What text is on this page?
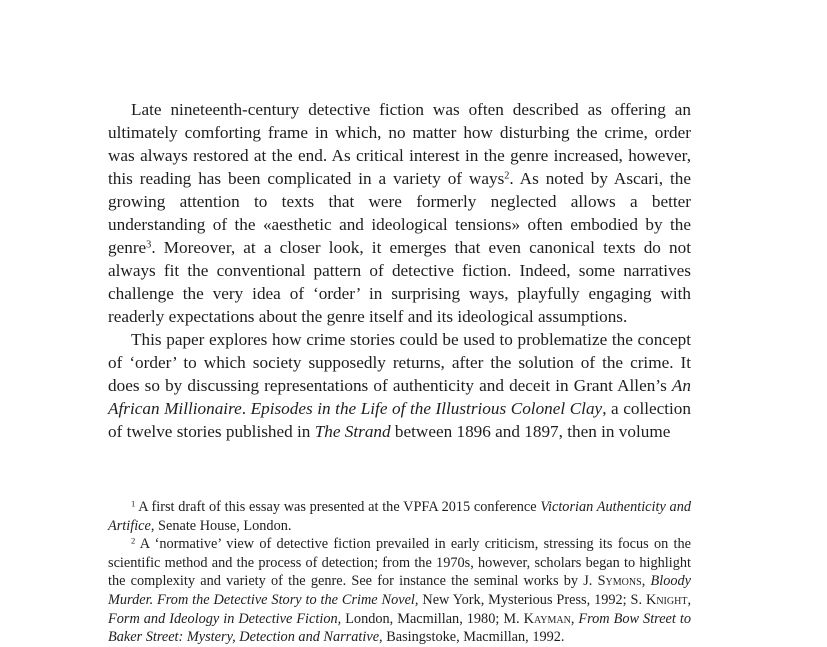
Late nineteenth-century detective fiction was often described as offering an ultimately comforting frame in which, no matter how disturbing the crime, order was always restored at the end. As critical interest in the genre increased, however, this reading has been complicated in a variety of ways$^2$. As noted by Ascari, the growing attention to texts that were formerly neglected allows a better understanding of the «aesthetic and ideological tensions» often embodied by the genre$^3$. Moreover, at a closer look, it emerges that even canonical texts do not always fit the conventional pattern of detective fiction. Indeed, some narratives challenge the very idea of ‘order’ in surprising ways, playfully engaging with readerly expectations about the genre itself and its ideological assumptions.

This paper explores how crime stories could be used to problematize the concept of ‘order’ to which society supposedly returns, after the solution of the crime. It does so by discussing representations of authenticity and deceit in Grant Allen’s An African Millionaire. Episodes in the Life of the Illustrious Colonel Clay, a collection of twelve stories published in The Strand between 1896 and 1897, then in volume

$^1$ A first draft of this essay was presented at the VPFA 2015 conference Victorian Authenticity and Artifice, Senate House, London.

$^2$ A ‘normative’ view of detective fiction prevailed in early criticism, stressing its focus on the scientific method and the process of detection; from the 1970s, however, scholars began to highlight the complexity and variety of the genre. See for instance the seminal works by J. Symons, Bloody Murder. From the Detective Story to the Crime Novel, New York, Mysterious Press, 1992; S. Knight, Form and Ideology in Detective Fiction, London, Macmillan, 1980; M. Kayman, From Bow Street to Baker Street: Mystery, Detection and Narrative, Basingstoke, Macmillan, 1992.
